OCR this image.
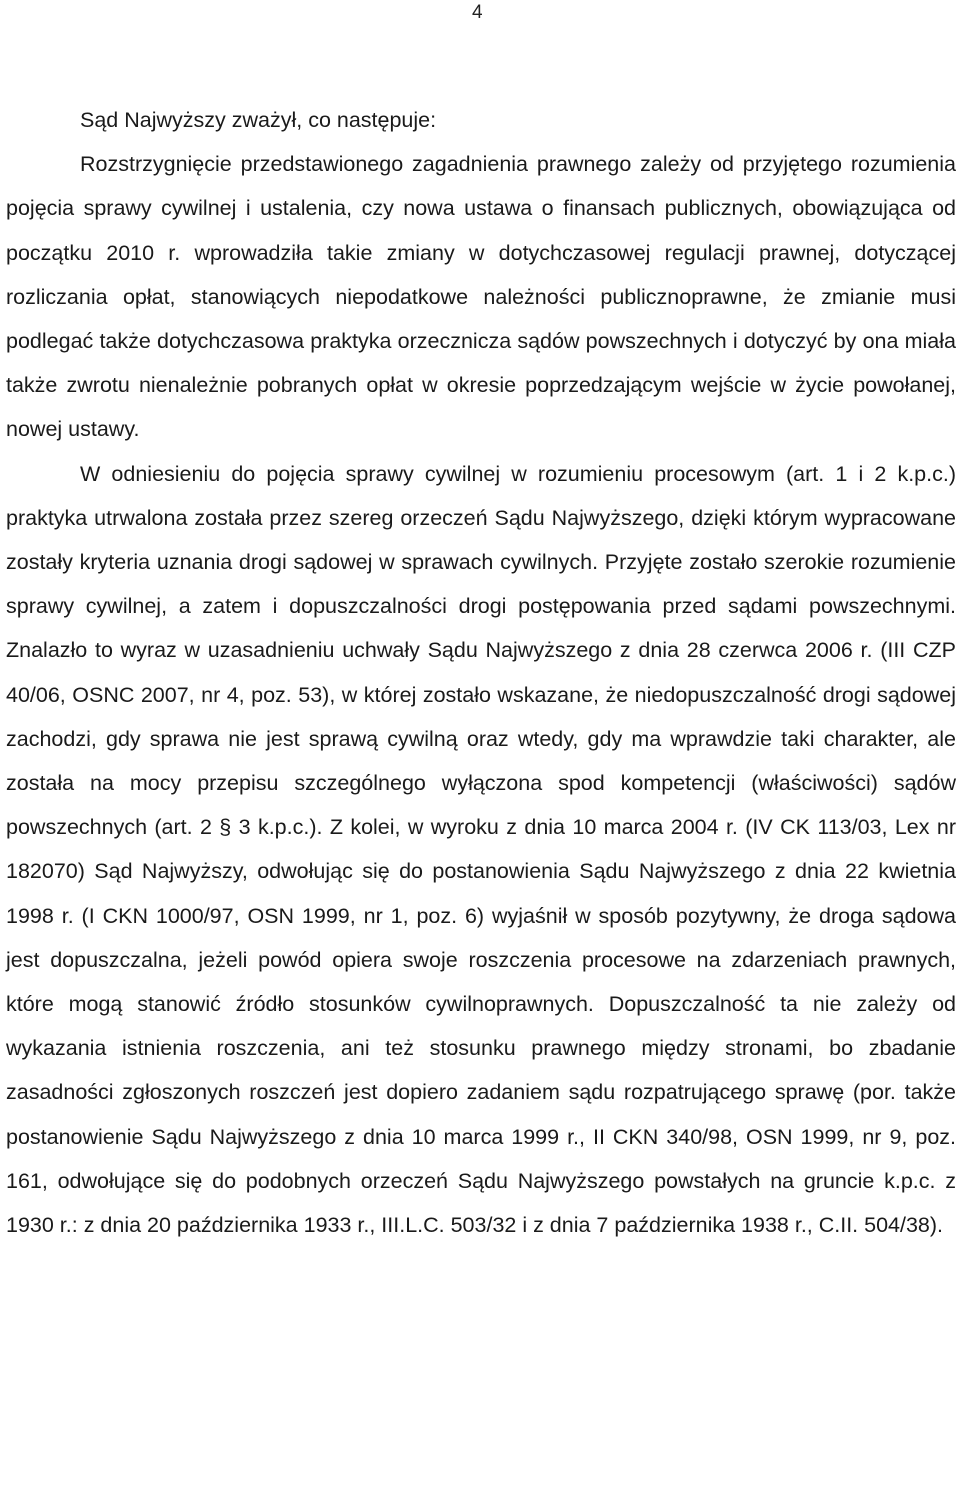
4

Sąd Najwyższy zważył, co następuje:

Rozstrzygnięcie przedstawionego zagadnienia prawnego zależy od przyjętego rozumienia pojęcia sprawy cywilnej i ustalenia, czy nowa ustawa o finansach publicznych, obowiązująca od początku 2010 r. wprowadziła takie zmiany w dotychczasowej regulacji prawnej, dotyczącej rozliczania opłat, stanowiących niepodatkowe należności publicznoprawne, że zmianie musi podlegać także dotychczasowa praktyka orzecznicza sądów powszechnych i dotyczyć by ona miała także zwrotu nienależnie pobranych opłat w okresie poprzedzającym wejście w życie powołanej, nowej ustawy.

W odniesieniu do pojęcia sprawy cywilnej w rozumieniu procesowym (art. 1 i 2 k.p.c.) praktyka utrwalona została przez szereg orzeczeń Sądu Najwyższego, dzięki którym wypracowane zostały kryteria uznania drogi sądowej w sprawach cywilnych. Przyjęte zostało szerokie rozumienie sprawy cywilnej, a zatem i dopuszczalności drogi postępowania przed sądami powszechnymi. Znalazło to wyraz w uzasadnieniu uchwały Sądu Najwyższego z dnia 28 czerwca 2006 r. (III CZP 40/06, OSNC 2007, nr 4, poz. 53), w której zostało wskazane, że niedopuszczalność drogi sądowej zachodzi, gdy sprawa nie jest sprawą cywilną oraz wtedy, gdy ma wprawdzie taki charakter, ale została na mocy przepisu szczególnego wyłączona spod kompetencji (właściwości) sądów powszechnych (art. 2 § 3 k.p.c.). Z kolei, w wyroku z dnia 10 marca 2004 r. (IV CK 113/03, Lex nr 182070) Sąd Najwyższy, odwołując się do postanowienia Sądu Najwyższego z dnia 22 kwietnia 1998 r. (I CKN 1000/97, OSN 1999, nr 1, poz. 6) wyjaśnił w sposób pozytywny, że droga sądowa jest dopuszczalna, jeżeli powód opiera swoje roszczenia procesowe na zdarzeniach prawnych, które mogą stanowić źródło stosunków cywilnoprawnych. Dopuszczalność ta nie zależy od wykazania istnienia roszczenia, ani też stosunku prawnego między stronami, bo zbadanie zasadności zgłoszonych roszczeń jest dopiero zadaniem sądu rozpatrującego sprawę (por. także postanowienie Sądu Najwyższego z dnia 10 marca 1999 r., II CKN 340/98, OSN 1999, nr 9, poz. 161, odwołujące się do podobnych orzeczeń Sądu Najwyższego powstałych na gruncie k.p.c. z 1930 r.: z dnia 20 października 1933 r., III.L.C. 503/32 i z dnia 7 października 1938 r., C.II. 504/38).
